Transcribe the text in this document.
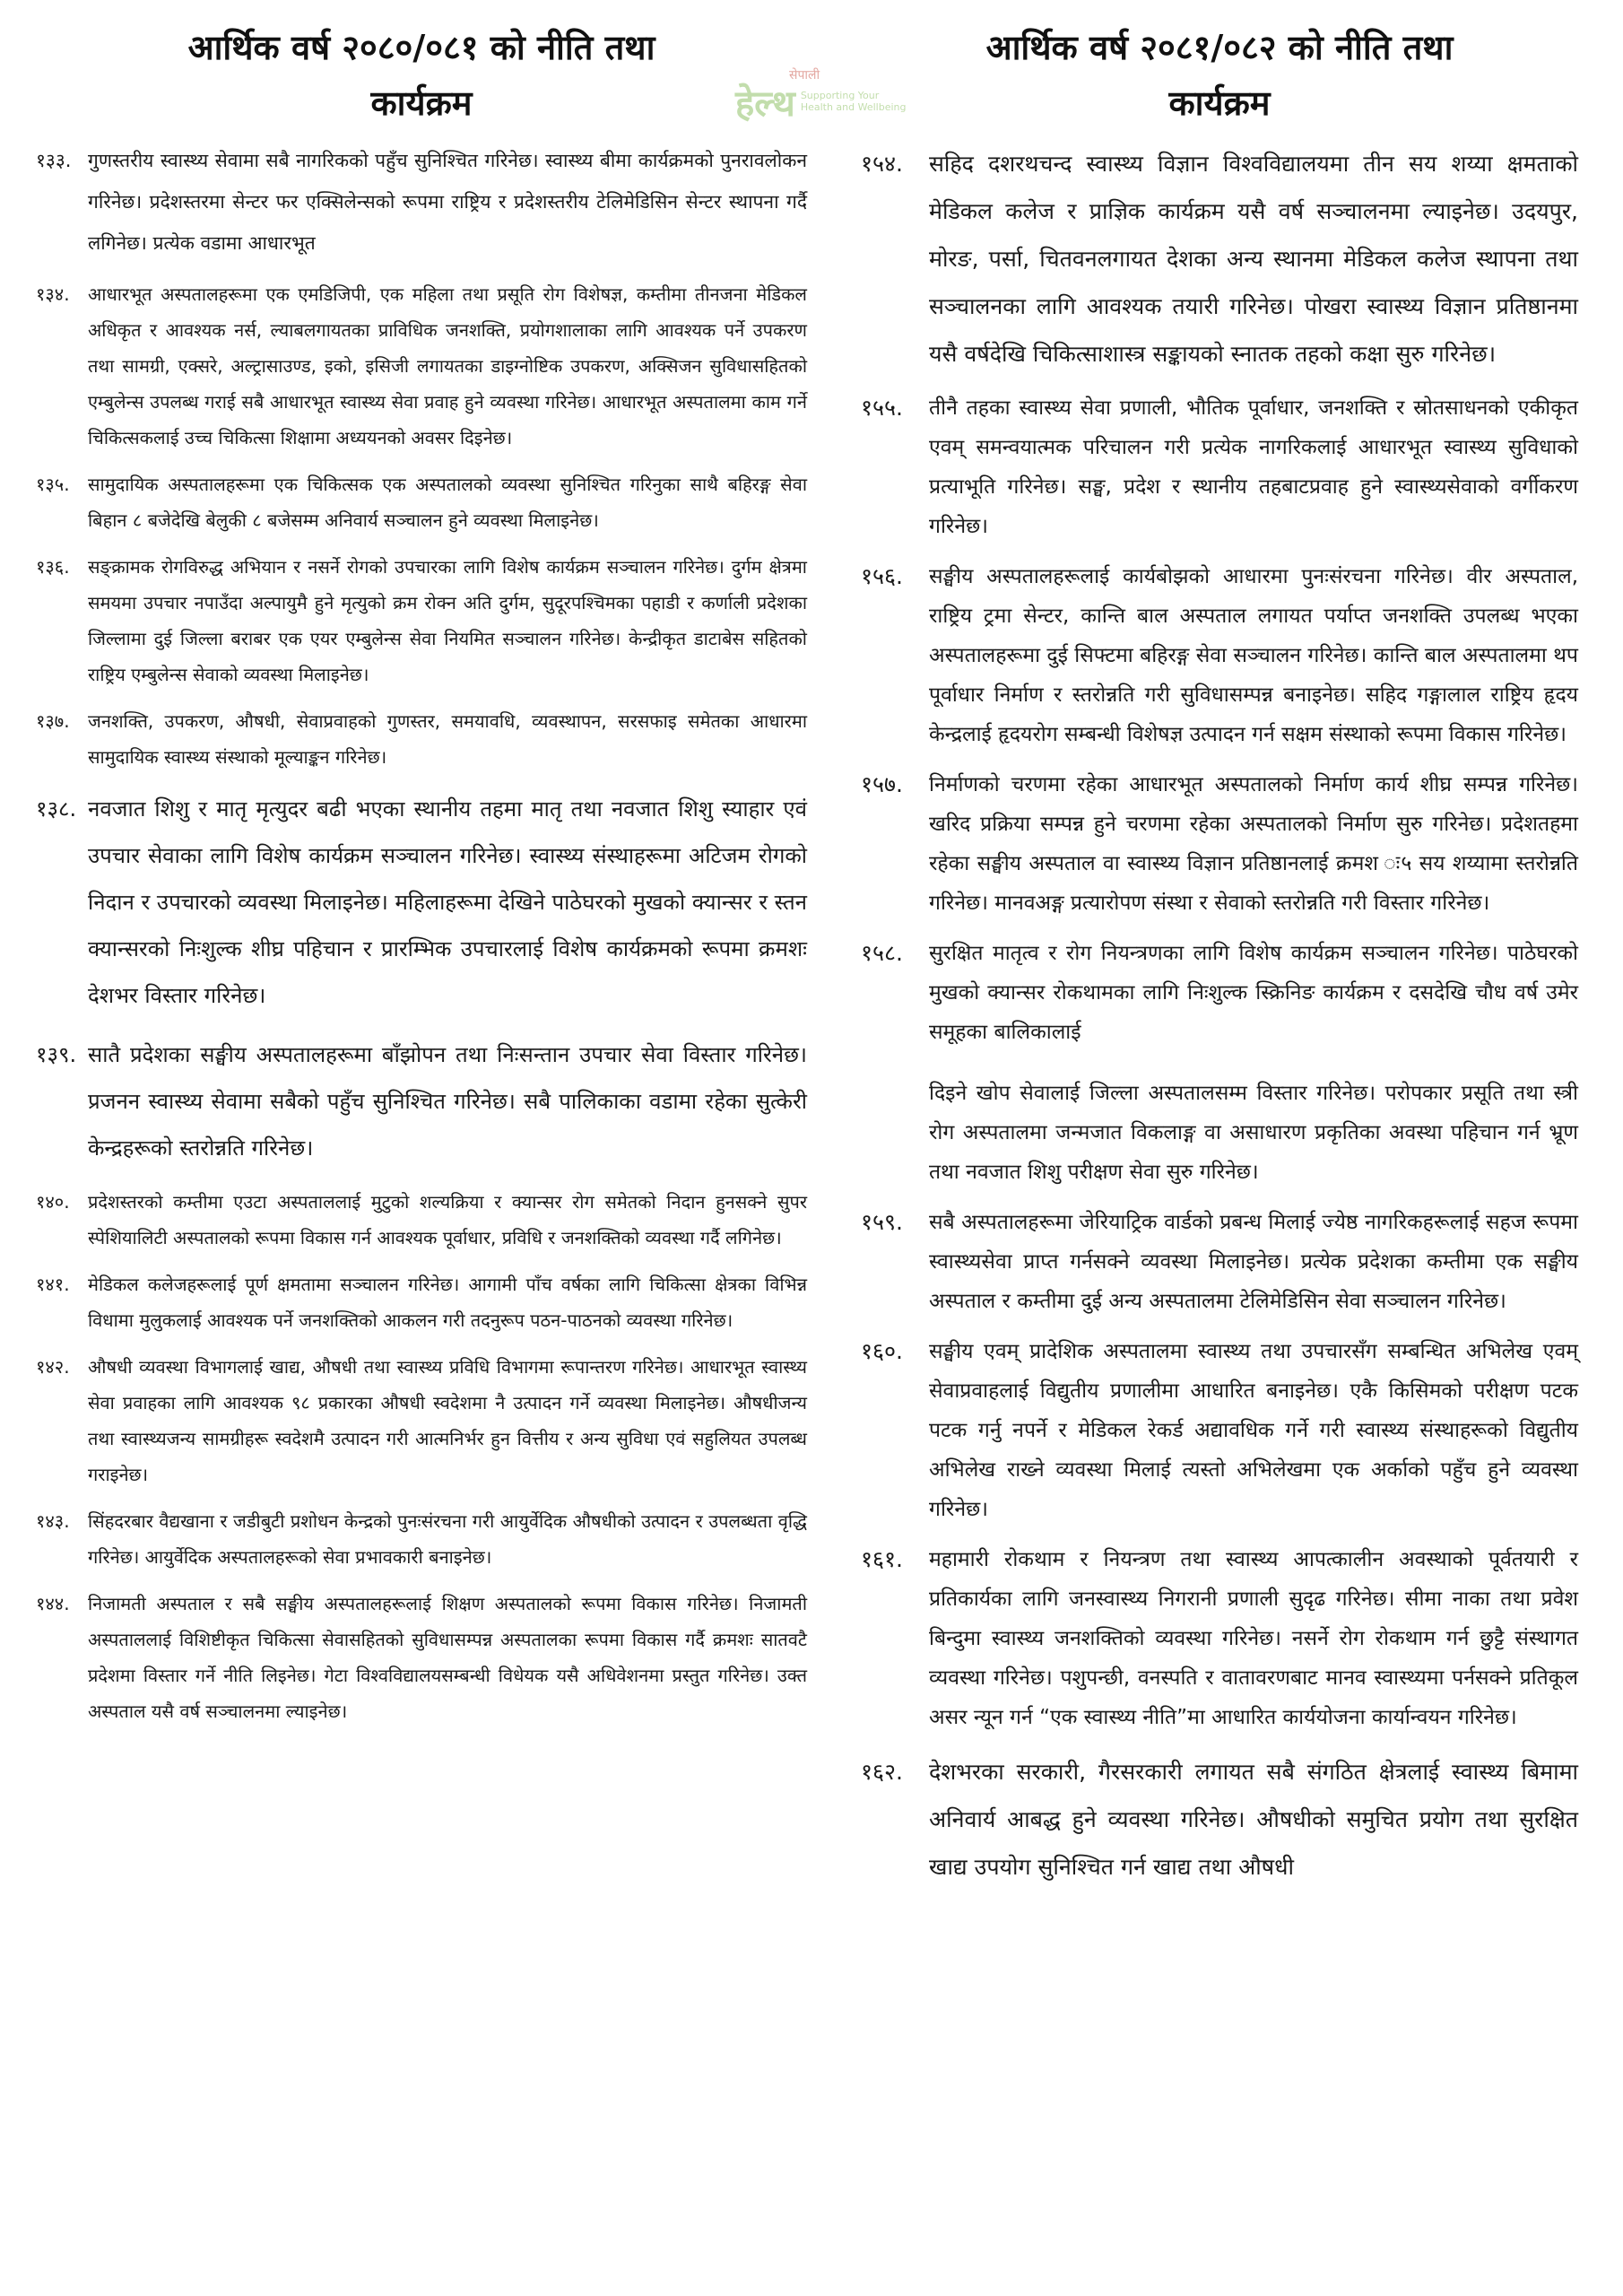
आर्थिक वर्ष २०८०/०८१ को नीति तथा
कार्यक्रम
१३३. गुणस्तरीय स्वास्थ्य सेवामा सबै नागरिकको पहुँच सुनिश्चित गरिनेछ। स्वास्थ्य बीमा कार्यक्रमको पुनरावलोकन गरिनेछ। प्रदेशस्तरमा सेन्टर फर एक्सिलेन्सको रूपमा राष्ट्रिय र प्रदेशस्तरीय टेलिमेडिसिन सेन्टर स्थापना गर्दै लगिनेछ। प्रत्येक वडामा आधारभूत
१३४.	आधारभूत अस्पतालहरूमा एक एमडिजिपी, एक महिला तथा प्रसूति रोग विशेषज्ञ, कम्तीमा तीनजना मेडिकल अधिकृत र आवश्यक नर्स, ल्याबलगायतका प्राविधिक जनशक्ति, प्रयोगशालाका लागि आवश्यक पर्ने उपकरण तथा सामग्री, एक्सरे, अल्ट्रासाउण्ड, इको, इसिजी लगायतका डाइग्नोष्टिक उपकरण, अक्सिजन सुविधासहितको एम्बुलेन्स उपलब्ध गराई सबै आधारभूत स्वास्थ्य सेवा प्रवाह हुने व्यवस्था गरिनेछ। आधारभूत अस्पतालमा काम गर्ने चिकित्सकलाई उच्च चिकित्सा शिक्षामा अध्ययनको अवसर दिइनेछ।
१३५.	सामुदायिक अस्पतालहरूमा एक चिकित्सक एक अस्पतालको व्यवस्था सुनिश्चित गरिनुका साथै बहिरङ्ग सेवा बिहान ८ बजेदेखि बेलुकी ८ बजेसम्म अनिवार्य सञ्चालन हुने व्यवस्था मिलाइनेछ।
१३६.	सङ्क्रामक रोगविरुद्ध अभियान र नसर्ने रोगको उपचारका लागि विशेष कार्यक्रम सञ्चालन गरिनेछ। दुर्गम क्षेत्रमा समयमा उपचार नपाउँदा अल्पायुमै हुने मृत्युको क्रम रोक्न अति दुर्गम, सुदूरपश्चिमका पहाडी र कर्णाली प्रदेशका जिल्लामा दुई जिल्ला बराबर एक एयर एम्बुलेन्स सेवा नियमित सञ्चालन गरिनेछ। केन्द्रीकृत डाटाबेस सहितको राष्ट्रिय एम्बुलेन्स सेवाको व्यवस्था मिलाइनेछ।
१३७.	जनशक्ति, उपकरण, औषधी, सेवाप्रवाहको गुणस्तर, समयावधि, व्यवस्थापन, सरसफाइ समेतका आधारमा सामुदायिक स्वास्थ्य संस्थाको मूल्याङ्कन गरिनेछ।
१३८. नवजात शिशु र मातृ मृत्युदर बढी भएका स्थानीय तहमा मातृ तथा नवजात शिशु स्याहार एवं उपचार सेवाका लागि विशेष कार्यक्रम सञ्चालन गरिनेछ। स्वास्थ्य संस्थाहरूमा अटिजम रोगको निदान र उपचारको व्यवस्था मिलाइनेछ। महिलाहरूमा देखिने पाठेघरको मुखको क्यान्सर र स्तन क्यान्सरको निःशुल्क शीघ्र पहिचान र प्रारम्भिक उपचारलाई विशेष कार्यक्रमको रूपमा क्रमशः देशभर विस्तार गरिनेछ।
१३९. सातै प्रदेशका सङ्घीय अस्पतालहरूमा बाँझोपन तथा निःसन्तान उपचार सेवा विस्तार गरिनेछ। प्रजनन स्वास्थ्य सेवामा सबैको पहुँच सुनिश्चित गरिनेछ। सबै पालिकाका वडामा रहेका सुत्केरी केन्द्रहरूको स्तरोन्नति गरिनेछ।
१४०.	प्रदेशस्तरको कम्तीमा एउटा अस्पताललाई मुटुको शल्यक्रिया र क्यान्सर रोग समेतको निदान हुनसक्ने सुपर स्पेशियालिटी अस्पतालको रूपमा विकास गर्न आवश्यक पूर्वाधार, प्रविधि र जनशक्तिको व्यवस्था गर्दै लगिनेछ।
१४१.	मेडिकल कलेजहरूलाई पूर्ण क्षमतामा सञ्चालन गरिनेछ। आगामी पाँच वर्षका लागि चिकित्सा क्षेत्रका विभिन्न विधामा मुलुकलाई आवश्यक पर्ने जनशक्तिको आकलन गरी तदनुरूप पठन-पाठनको व्यवस्था गरिनेछ।
१४२.	औषधी व्यवस्था विभागलाई खाद्य, औषधी तथा स्वास्थ्य प्रविधि विभागमा रूपान्तरण गरिनेछ। आधारभूत स्वास्थ्य सेवा प्रवाहका लागि आवश्यक ९८ प्रकारका औषधी स्वदेशमा नै उत्पादन गर्ने व्यवस्था मिलाइनेछ। औषधीजन्य तथा स्वास्थ्यजन्य सामग्रीहरू स्वदेशमै उत्पादन गरी आत्मनिर्भर हुन वित्तीय र अन्य सुविधा एवं सहुलियत उपलब्ध गराइनेछ।
१४३.	सिंहदरबार वैद्यखाना र जडीबुटी प्रशोधन केन्द्रको पुनःसंरचना गरी आयुर्वेदिक औषधीको उत्पादन र उपलब्धता वृद्धि गरिनेछ। आयुर्वेदिक अस्पतालहरूको सेवा प्रभावकारी बनाइनेछ।
१४४.	निजामती अस्पताल र सबै सङ्घीय अस्पतालहरूलाई शिक्षण अस्पतालको रूपमा विकास गरिनेछ। निजामती अस्पताललाई विशिष्टीकृत चिकित्सा सेवासहितको सुविधासम्पन्न अस्पतालका रूपमा विकास गर्दै क्रमशः सातवटै प्रदेशमा विस्तार गर्ने नीति लिइनेछ। गेटा विश्वविद्यालयसम्बन्धी विधेयक यसै अधिवेशनमा प्रस्तुत गरिनेछ। उक्त अस्पताल यसै वर्ष सञ्चालनमा ल्याइनेछ।
सेपाली
हेल्थ Supporting Your
Health and Wellbeing
आर्थिक वर्ष २०८१/०८२ को नीति तथा
कार्यक्रम
१५४.	सहिद दशरथचन्द स्वास्थ्य विज्ञान विश्वविद्यालयमा तीन सय शय्या क्षमताको मेडिकल कलेज र प्राज्ञिक कार्यक्रम यसै वर्ष सञ्चालनमा ल्याइनेछ। उदयपुर, मोरङ, पर्सा, चितवनलगायत देशका अन्य स्थानमा मेडिकल कलेज स्थापना तथा सञ्चालनका लागि आवश्यक तयारी गरिनेछ। पोखरा स्वास्थ्य विज्ञान प्रतिष्ठानमा यसै वर्षदेखि चिकित्साशास्त्र सङ्कायको स्नातक तहको कक्षा सुरु गरिनेछ।
१५५.	तीनै तहका स्वास्थ्य सेवा प्रणाली, भौतिक पूर्वाधार, जनशक्ति र स्रोतसाधनको एकीकृत एवम् समन्वयात्मक परिचालन गरी प्रत्येक नागरिकलाई आधारभूत स्वास्थ्य सुविधाको प्रत्याभूति गरिनेछ। सङ्घ, प्रदेश र स्थानीय तहबाटप्रवाह हुने स्वास्थ्यसेवाको वर्गीकरण गरिनेछ।
१५६.	सङ्घीय अस्पतालहरूलाई कार्यबोझको आधारमा पुनःसंरचना गरिनेछ। वीर अस्पताल, राष्ट्रिय ट्रमा सेन्टर, कान्ति बाल अस्पताल लगायत पर्याप्त जनशक्ति उपलब्ध भएका अस्पतालहरूमा दुई सिफ्टमा बहिरङ्ग सेवा सञ्चालन गरिनेछ। कान्ति बाल अस्पतालमा थप पूर्वाधार निर्माण र स्तरोन्नति गरी सुविधासम्पन्न बनाइनेछ। सहिद गङ्गालाल राष्ट्रिय हृदय केन्द्रलाई हृदयरोग सम्बन्धी विशेषज्ञ उत्पादन गर्न सक्षम संस्थाको रूपमा विकास गरिनेछ।
१५७.	निर्माणको चरणमा रहेका आधारभूत अस्पतालको निर्माण कार्य शीघ्र सम्पन्न गरिनेछ। खरिद प्रक्रिया सम्पन्न हुने चरणमा रहेका अस्पतालको निर्माण सुरु गरिनेछ। प्रदेशतहमा रहेका सङ्घीय अस्पताल वा स्वास्थ्य विज्ञान प्रतिष्ठानलाई क्रमश ः५ सय शय्यामा स्तरोन्नति गरिनेछ। मानवअङ्ग प्रत्यारोपण संस्था र सेवाको स्तरोन्नति गरी विस्तार गरिनेछ।
१५८.	सुरक्षित मातृत्व र रोग नियन्त्रणका लागि विशेष कार्यक्रम सञ्चालन गरिनेछ। पाठेघरको मुखको क्यान्सर रोकथामका लागि निःशुल्क स्क्रिनिङ कार्यक्रम र दसदेखि चौध वर्ष उमेर समूहका बालिकालाई
दिइने खोप सेवालाई जिल्ला अस्पतालसम्म विस्तार गरिनेछ। परोपकार प्रसूति तथा स्त्री रोग अस्पतालमा जन्मजात विकलाङ्ग वा असाधारण प्रकृतिका अवस्था पहिचान गर्न भ्रूण तथा नवजात शिशु परीक्षण सेवा सुरु गरिनेछ।
१५९.	सबै अस्पतालहरूमा जेरियाट्रिक वार्डको प्रबन्ध मिलाई ज्येष्ठ नागरिकहरूलाई सहज रूपमा स्वास्थ्यसेवा प्राप्त गर्नसक्ने व्यवस्था मिलाइनेछ। प्रत्येक प्रदेशका कम्तीमा एक सङ्घीय अस्पताल र कम्तीमा दुई अन्य अस्पतालमा टेलिमेडिसिन सेवा सञ्चालन गरिनेछ।
१६०.	सङ्घीय एवम् प्रादेशिक अस्पतालमा स्वास्थ्य तथा उपचारसँग सम्बन्धित अभिलेख एवम् सेवाप्रवाहलाई विद्युतीय प्रणालीमा आधारित बनाइनेछ। एकै किसिमको परीक्षण पटक पटक गर्नु नपर्ने र मेडिकल रेकर्ड अद्यावधिक गर्ने गरी स्वास्थ्य संस्थाहरूको विद्युतीय अभिलेख राख्ने व्यवस्था मिलाई त्यस्तो अभिलेखमा एक अर्काको पहुँच हुने व्यवस्था गरिनेछ।
१६१.	महामारी रोकथाम र नियन्त्रण तथा स्वास्थ्य आपत्कालीन अवस्थाको पूर्वतयारी र प्रतिकार्यका लागि जनस्वास्थ्य निगरानी प्रणाली सुदृढ गरिनेछ। सीमा नाका तथा प्रवेश बिन्दुमा स्वास्थ्य जनशक्तिको व्यवस्था गरिनेछ। नसर्ने रोग रोकथाम गर्न छुट्टै संस्थागत व्यवस्था गरिनेछ। पशुपन्छी, वनस्पति र वातावरणबाट मानव स्वास्थ्यमा पर्नसक्ने प्रतिकूल असर न्यून गर्न “एक स्वास्थ्य नीति”मा आधारित कार्ययोजना कार्यान्वयन गरिनेछ।
१६२.	देशभरका सरकारी, गैरसरकारी लगायत सबै संगठित क्षेत्रलाई स्वास्थ्य बिमामा अनिवार्य आबद्ध हुने व्यवस्था गरिनेछ। औषधीको समुचित प्रयोग तथा सुरक्षित खाद्य उपयोग सुनिश्चित गर्न खाद्य तथा औषधी
